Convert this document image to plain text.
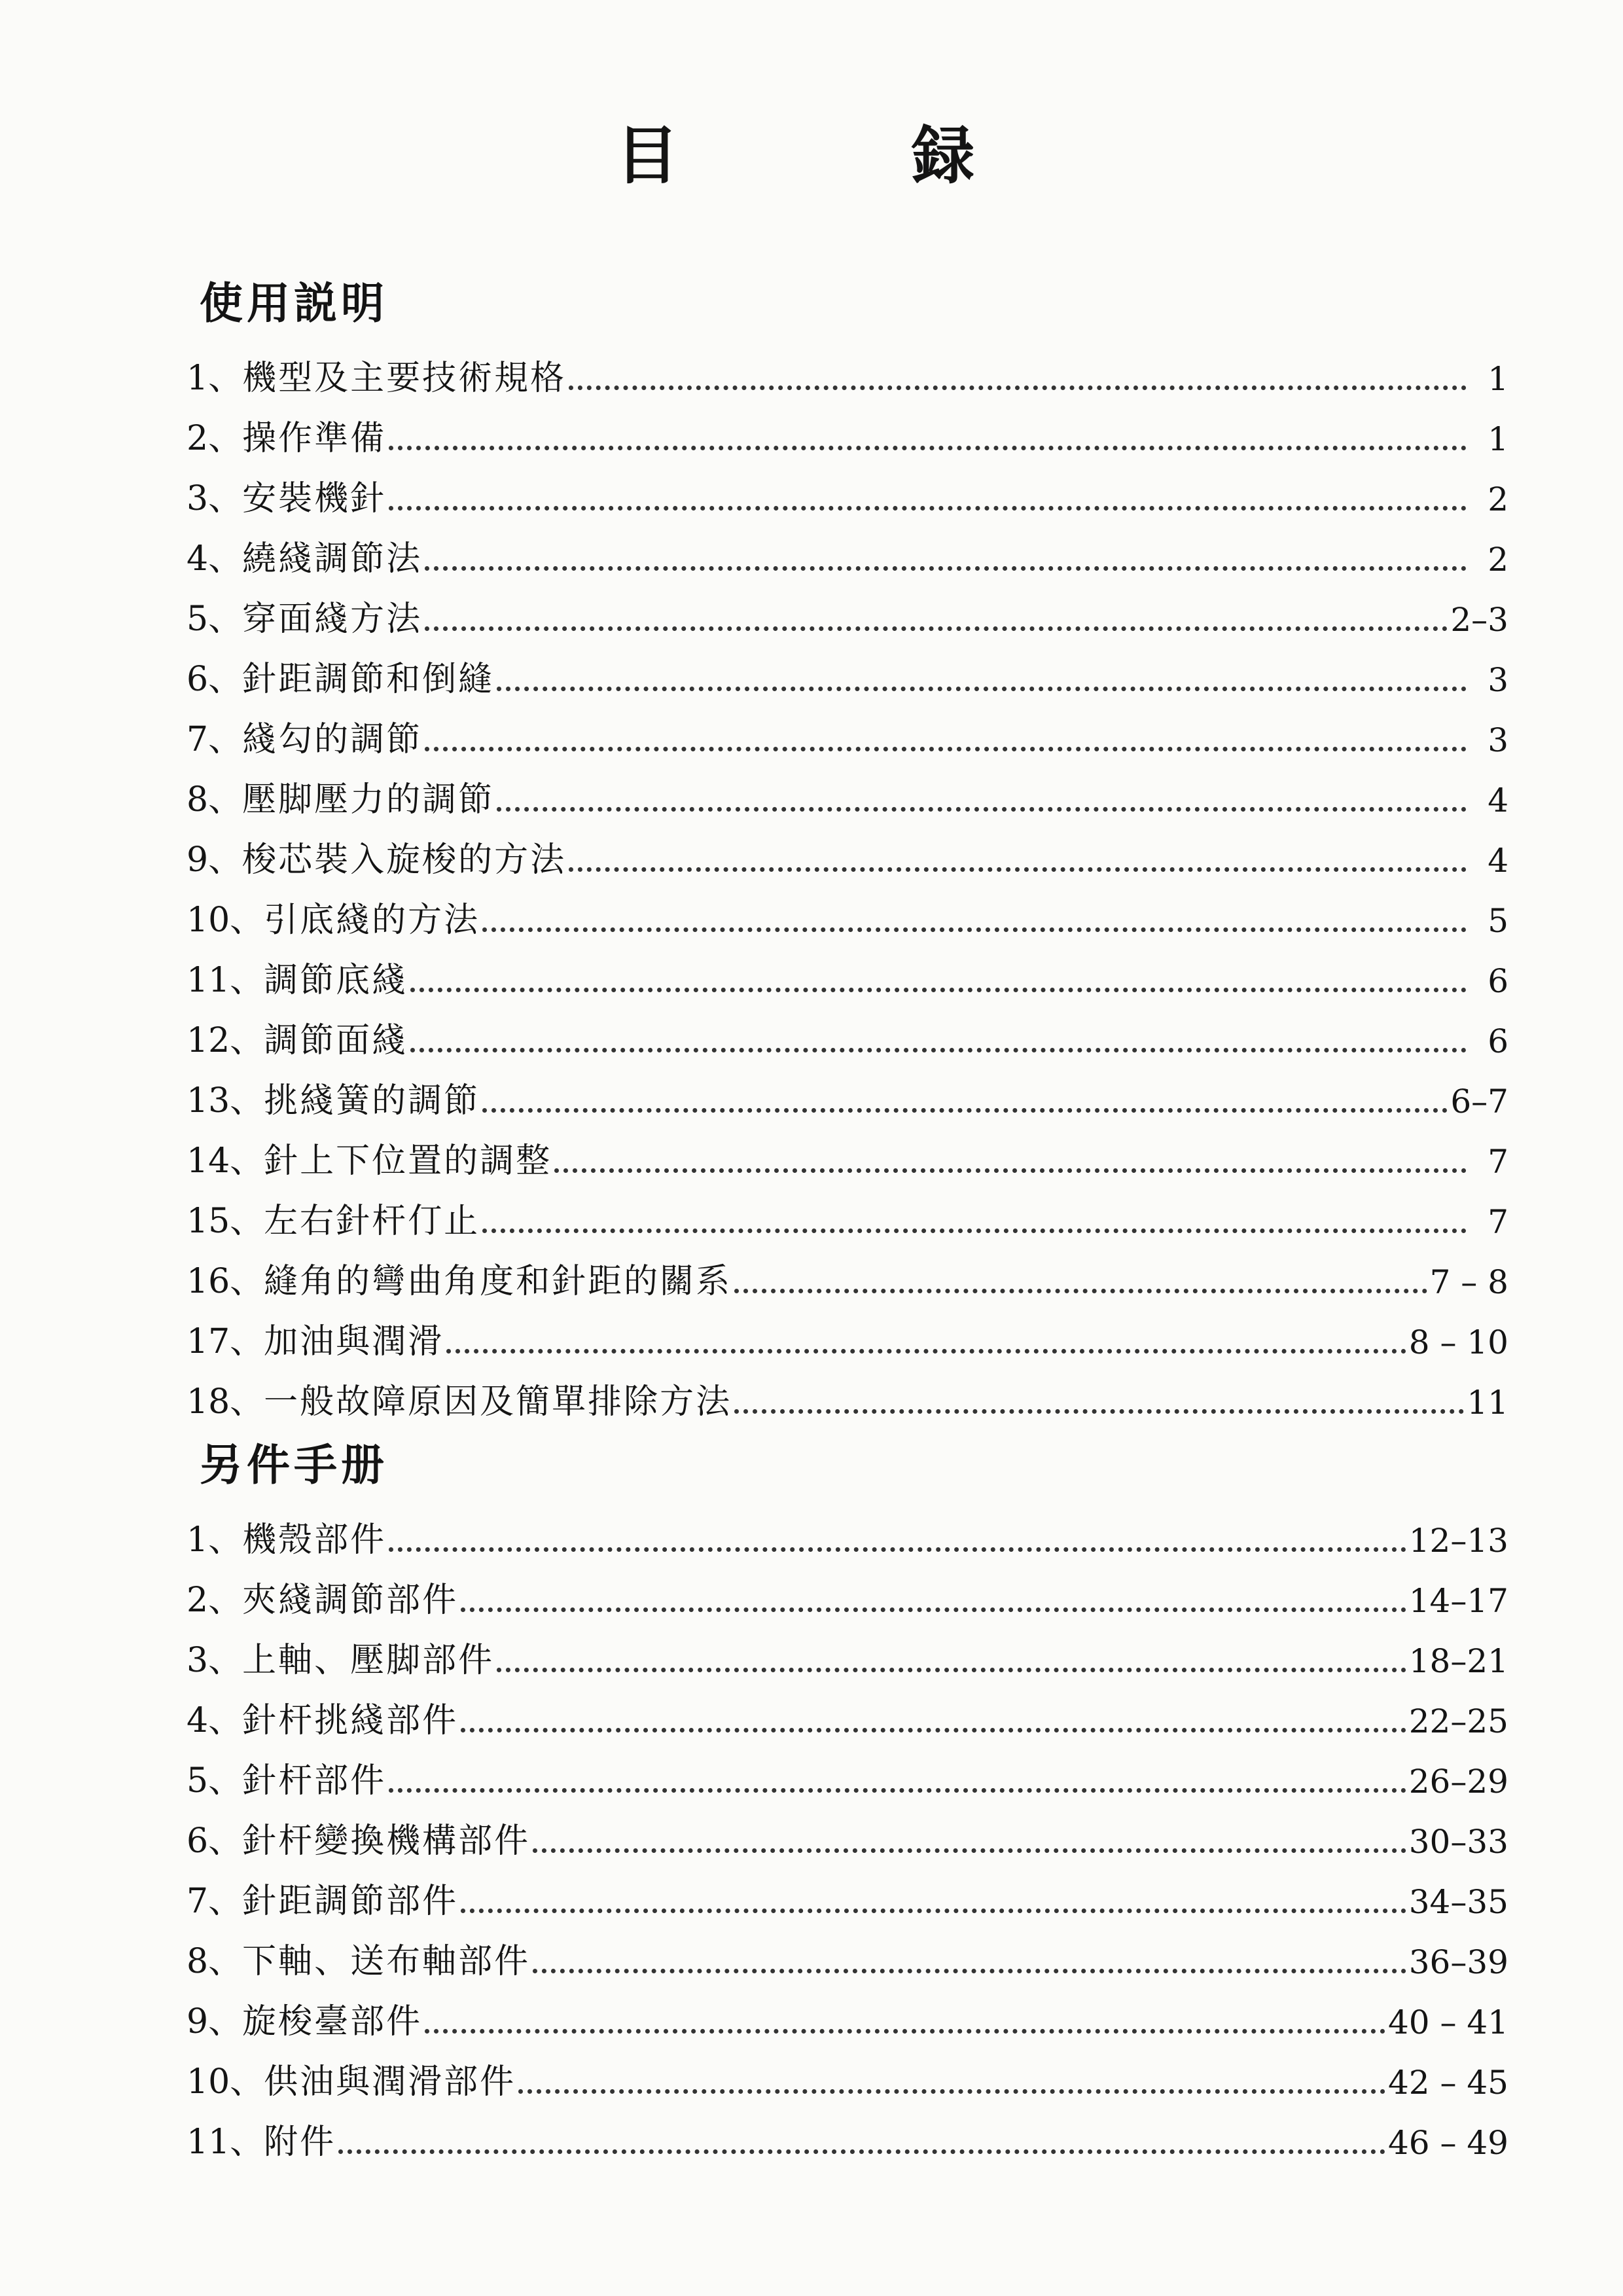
目　録
使用説明
1、 機型及主要技術規格	1
2、 操作準備	1
3、 安裝機針	2
4、 繞綫調節法	2
5、 穿面綫方法	2–3
6、 針距調節和倒縫	3
7、 綫勾的調節	3
8、 壓脚壓力的調節	4
9、 梭芯裝入旋梭的方法	4
10、 引底綫的方法	5
11、 調節底綫	6
12、 調節面綫	6
13、 挑綫簧的調節	6–7
14、 針上下位置的調整	7
15、 左右針杆仃止	7
16、 縫角的彎曲角度和針距的關系	7 – 8
17、 加油與潤滑	8 – 10
18、 一般故障原因及簡單排除方法	11
另件手册
1、 機殼部件	12–13
2、 夾綫調節部件	14–17
3、 上軸、壓脚部件	18–21
4、 針杆挑綫部件	22–25
5、 針杆部件	26–29
6、 針杆變換機構部件	30–33
7、 針距調節部件	34–35
8、 下軸、送布軸部件	36–39
9、 旋梭臺部件	40 – 41
10、 供油與潤滑部件	42 – 45
11、 附件	46 – 49
